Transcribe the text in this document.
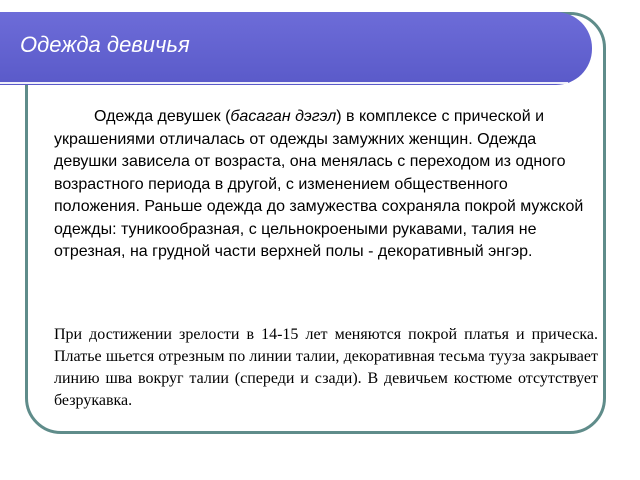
Одежда девичья

Одежда девушек (басаган дэгэл) в комплексе с прической и украшениями отличалась от одежды замужних женщин. Одежда девушки зависела от возраста, она менялась с переходом из одного возрастного периода в другой, с изменением общественного положения. Раньше одежда до замужества сохраняла покрой мужской одежды: туникообразная, с цельнокроеными рукавами, талия не отрезная, на грудной части верхней полы - декоративный энгэр.

При достижении зрелости в 14-15 лет меняются покрой платья и прическа. Платье шьется отрезным по линии талии, декоративная тесьма тууза закрывает линию шва вокруг талии (спереди и сзади). В девичьем костюме отсутствует безрукавка.
